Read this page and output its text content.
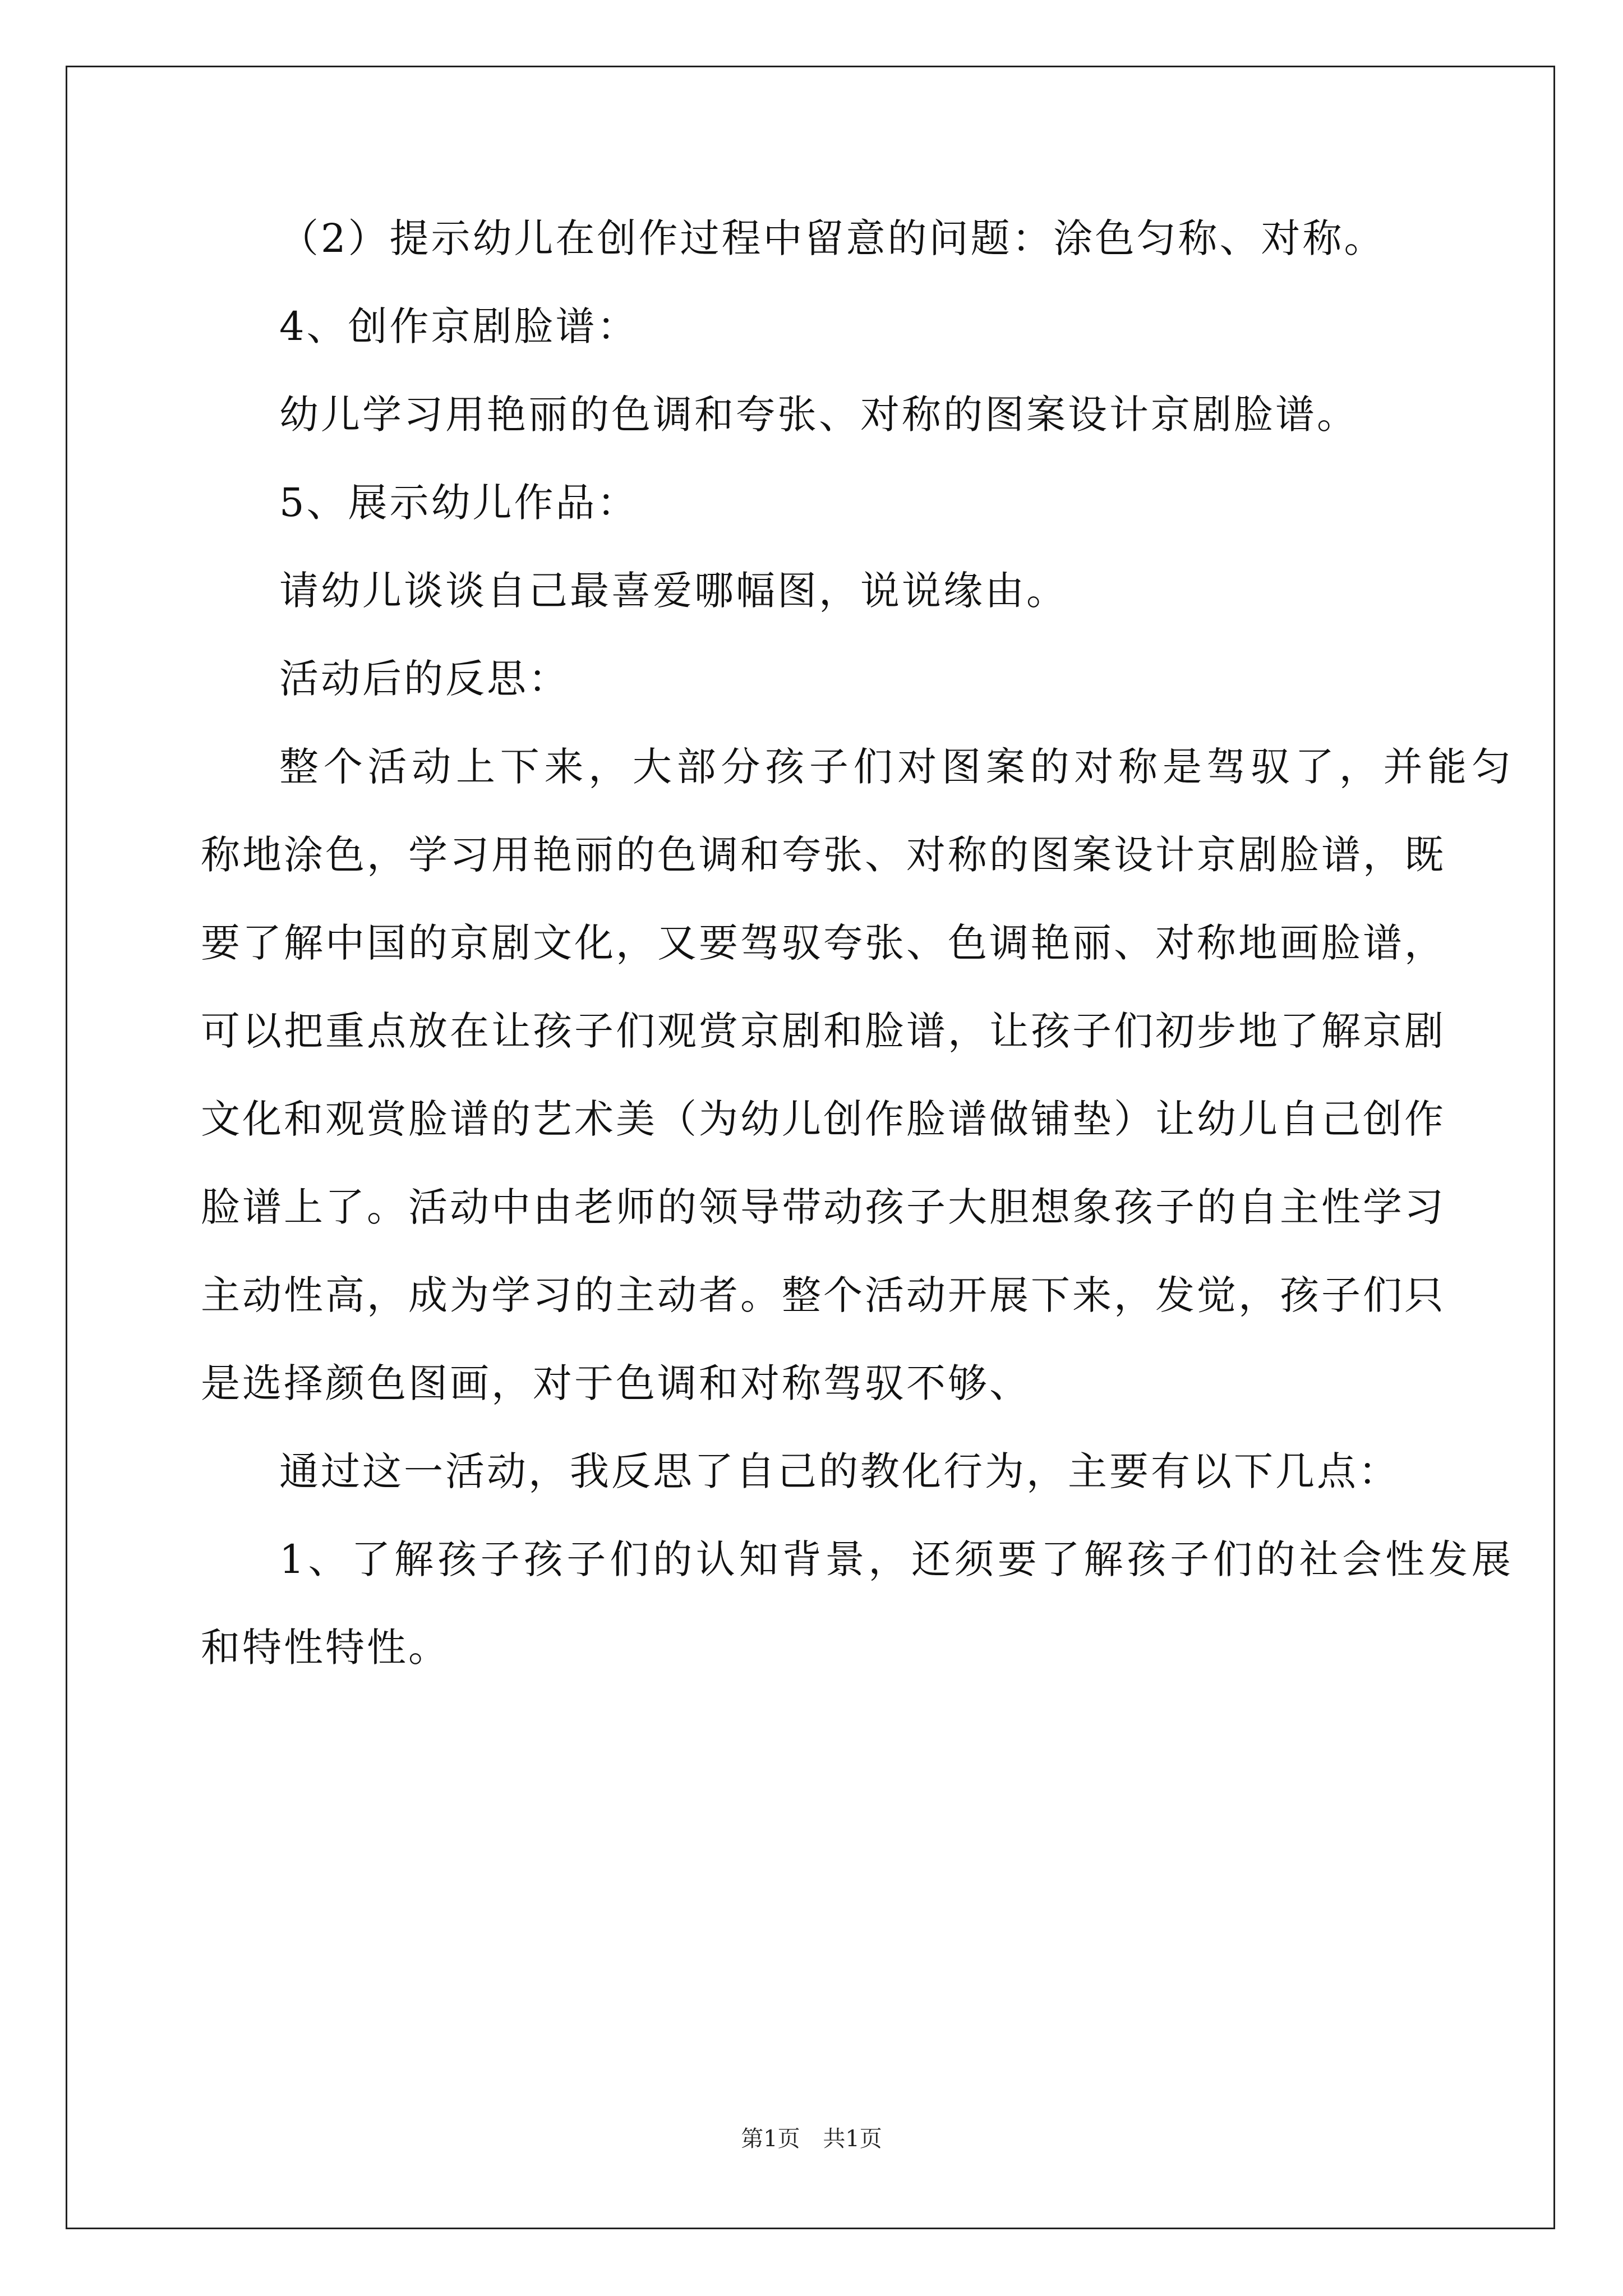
（2）提示幼儿在创作过程中留意的问题：涂色匀称、对称。
4、创作京剧脸谱：
幼儿学习用艳丽的色调和夸张、对称的图案设计京剧脸谱。
5、展示幼儿作品：
请幼儿谈谈自己最喜爱哪幅图，说说缘由。
活动后的反思：
整个活动上下来，大部分孩子们对图案的对称是驾驭了，并能匀
称地涂色，学习用艳丽的色调和夸张、对称的图案设计京剧脸谱，既
要了解中国的京剧文化，又要驾驭夸张、色调艳丽、对称地画脸谱，
可以把重点放在让孩子们观赏京剧和脸谱，让孩子们初步地了解京剧
文化和观赏脸谱的艺术美（为幼儿创作脸谱做铺垫）让幼儿自己创作
脸谱上了。活动中由老师的领导带动孩子大胆想象孩子的自主性学习
主动性高，成为学习的主动者。整个活动开展下来，发觉，孩子们只
是选择颜色图画，对于色调和对称驾驭不够、
通过这一活动，我反思了自己的教化行为，主要有以下几点：
1、了解孩子孩子们的认知背景，还须要了解孩子们的社会性发展
和特性特性。
第1页 共1页
